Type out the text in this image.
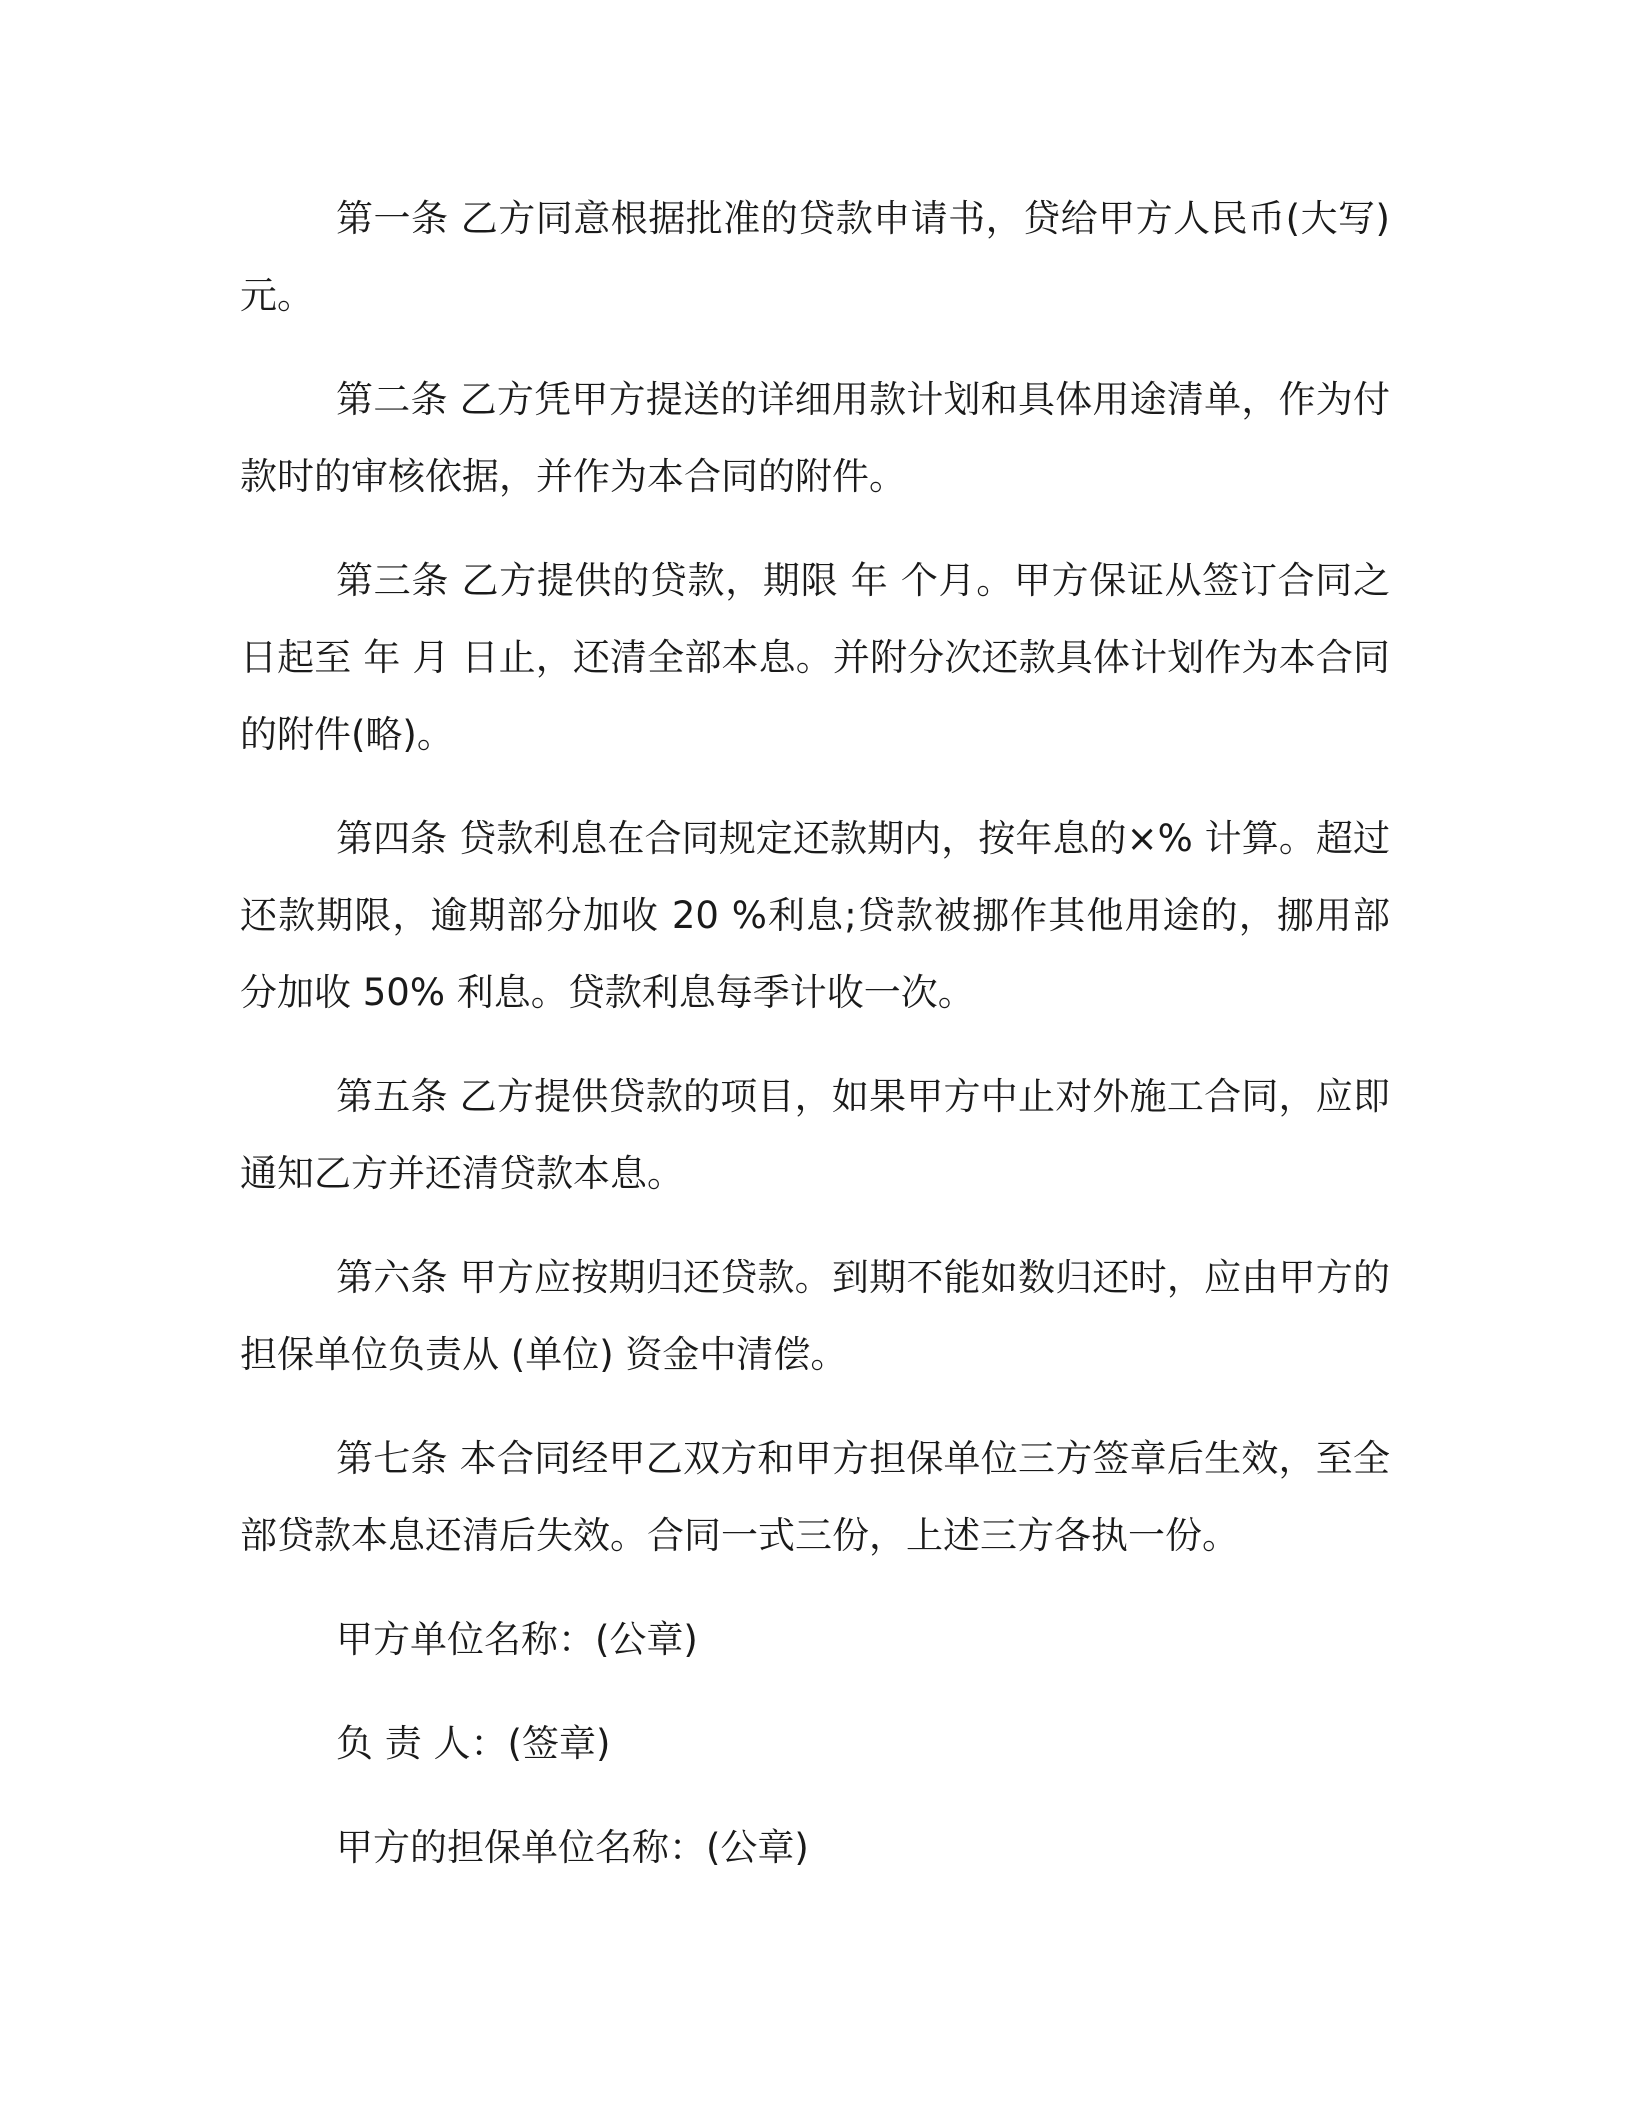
第一条 乙方同意根据批准的贷款申请书，贷给甲方人民币(大写) 元。

第二条 乙方凭甲方提送的详细用款计划和具体用途清单，作为付款时的审核依据，并作为本合同的附件。

第三条 乙方提供的贷款，期限 年 个月。甲方保证从签订合同之日起至 年 月 日止，还清全部本息。并附分次还款具体计划作为本合同的附件(略)。

第四条 贷款利息在合同规定还款期内，按年息的×% 计算。超过还款期限，逾期部分加收 20 %利息;贷款被挪作其他用途的，挪用部分加收 50% 利息。贷款利息每季计收一次。

第五条 乙方提供贷款的项目，如果甲方中止对外施工合同，应即通知乙方并还清贷款本息。

第六条 甲方应按期归还贷款。到期不能如数归还时，应由甲方的担保单位负责从 (单位) 资金中清偿。

第七条 本合同经甲乙双方和甲方担保单位三方签章后生效，至全部贷款本息还清后失效。合同一式三份，上述三方各执一份。

甲方单位名称：(公章)

负 责 人：(签章)

甲方的担保单位名称：(公章)
